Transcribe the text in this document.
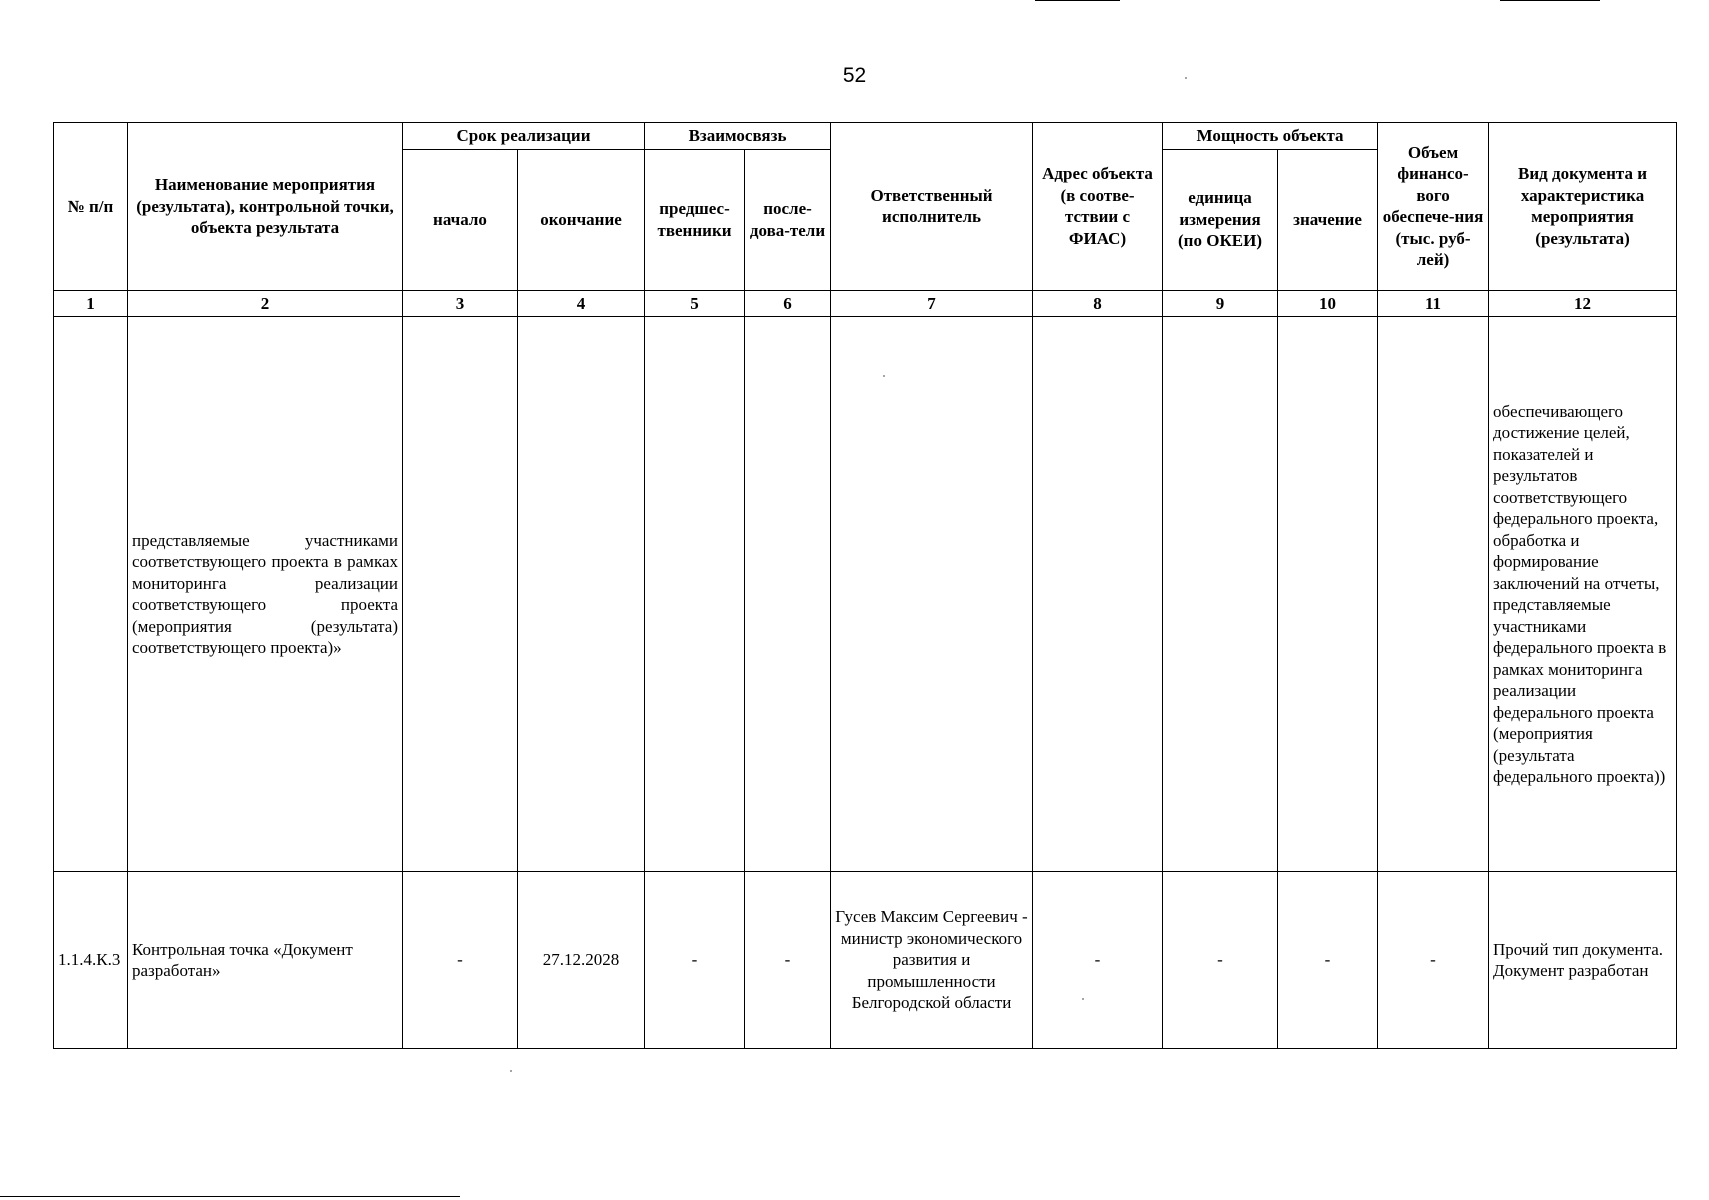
52
№ п/п	Наименование мероприятия (результата), контрольной точки, объекта результата	Срок реализации		Взаимосвязь		Ответственный исполнитель	Адрес объекта (в соотве-тствии с ФИАС)	Мощность объекта		Объем финансо-вого обеспече-ния (тыс. руб-лей)	Вид документа и характеристика мероприятия (результата)
		начало	окончание	предшес-твенники	после-дова-тели			единица измерения (по ОКЕИ)	значение		
1	2	3	4	5	6	7	8	9	10	11	12
	представляемые участниками соответствующего проекта в рамках мониторинга реализации соответствующего проекта (мероприятия (результата) соответствующего проекта)»										обеспечивающего достижение целей, показателей и результатов соответствующего федерального проекта, обработка и формирование заключений на отчеты, представляемые участниками федерального проекта в рамках мониторинга реализации федерального проекта (мероприятия (результата федерального проекта))
1.1.4.К.3	Контрольная точка «Документ разработан»	-	27.12.2028	-	-	Гусев Максим Сергеевич - министр экономического развития и промышленности Белгородской области	-	-	-	-	Прочий тип документа. Документ разработан
